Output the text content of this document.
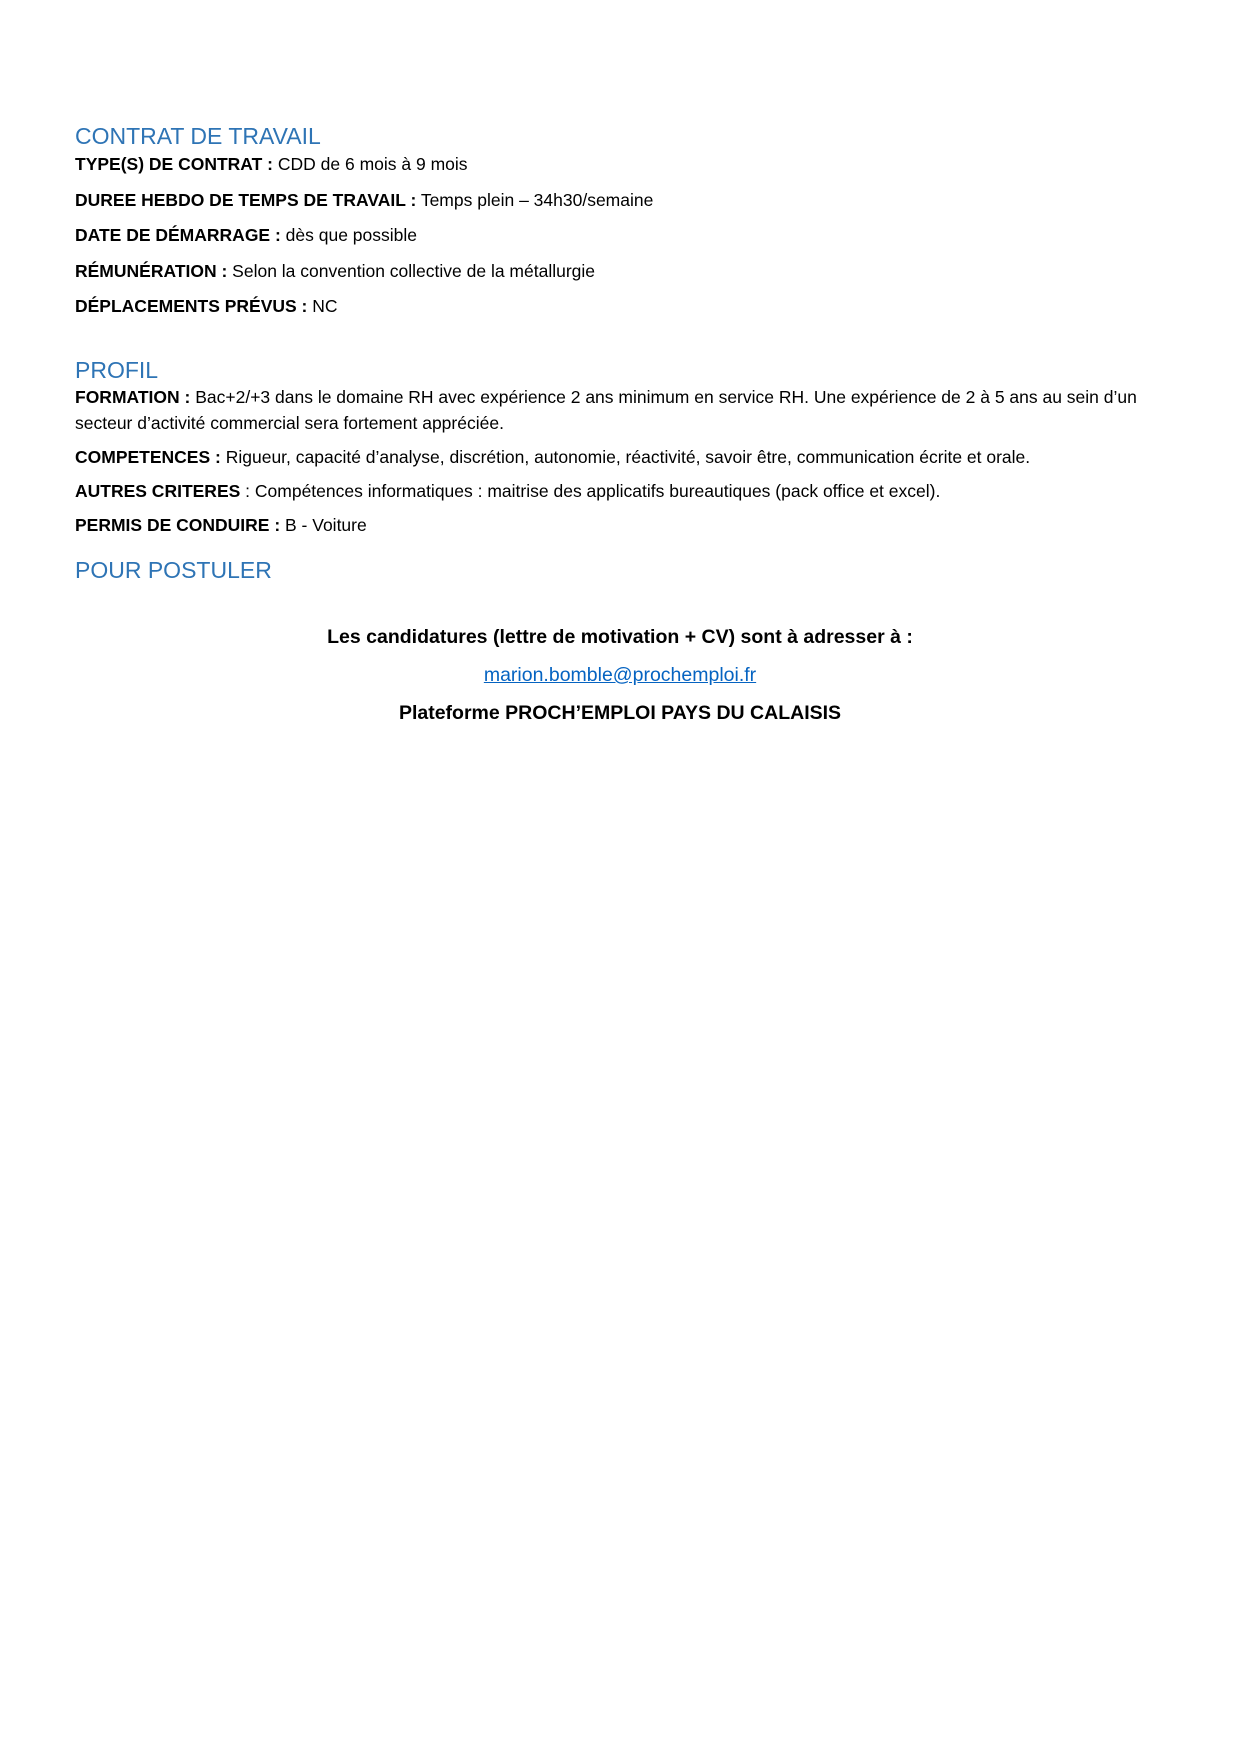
CONTRAT DE TRAVAIL

TYPE(S) DE CONTRAT : CDD de 6 mois à 9 mois

DUREE HEBDO DE TEMPS DE TRAVAIL : Temps plein – 34h30/semaine

DATE DE DÉMARRAGE : dès que possible

RÉMUNÉRATION : Selon la convention collective de la métallurgie

DÉPLACEMENTS PRÉVUS : NC

PROFIL

FORMATION : Bac+2/+3 dans le domaine RH avec expérience 2 ans minimum en service RH. Une expérience de 2 à 5 ans au sein d’un secteur d’activité commercial sera fortement appréciée.

COMPETENCES : Rigueur, capacité d’analyse, discrétion, autonomie, réactivité, savoir être, communication écrite et orale.

AUTRES CRITERES : Compétences informatiques : maitrise des applicatifs bureautiques (pack office et excel).

PERMIS DE CONDUIRE : B - Voiture

POUR POSTULER

Les candidatures (lettre de motivation + CV) sont à adresser à :

marion.bomble@prochemploi.fr

Plateforme PROCH’EMPLOI PAYS DU CALAISIS
